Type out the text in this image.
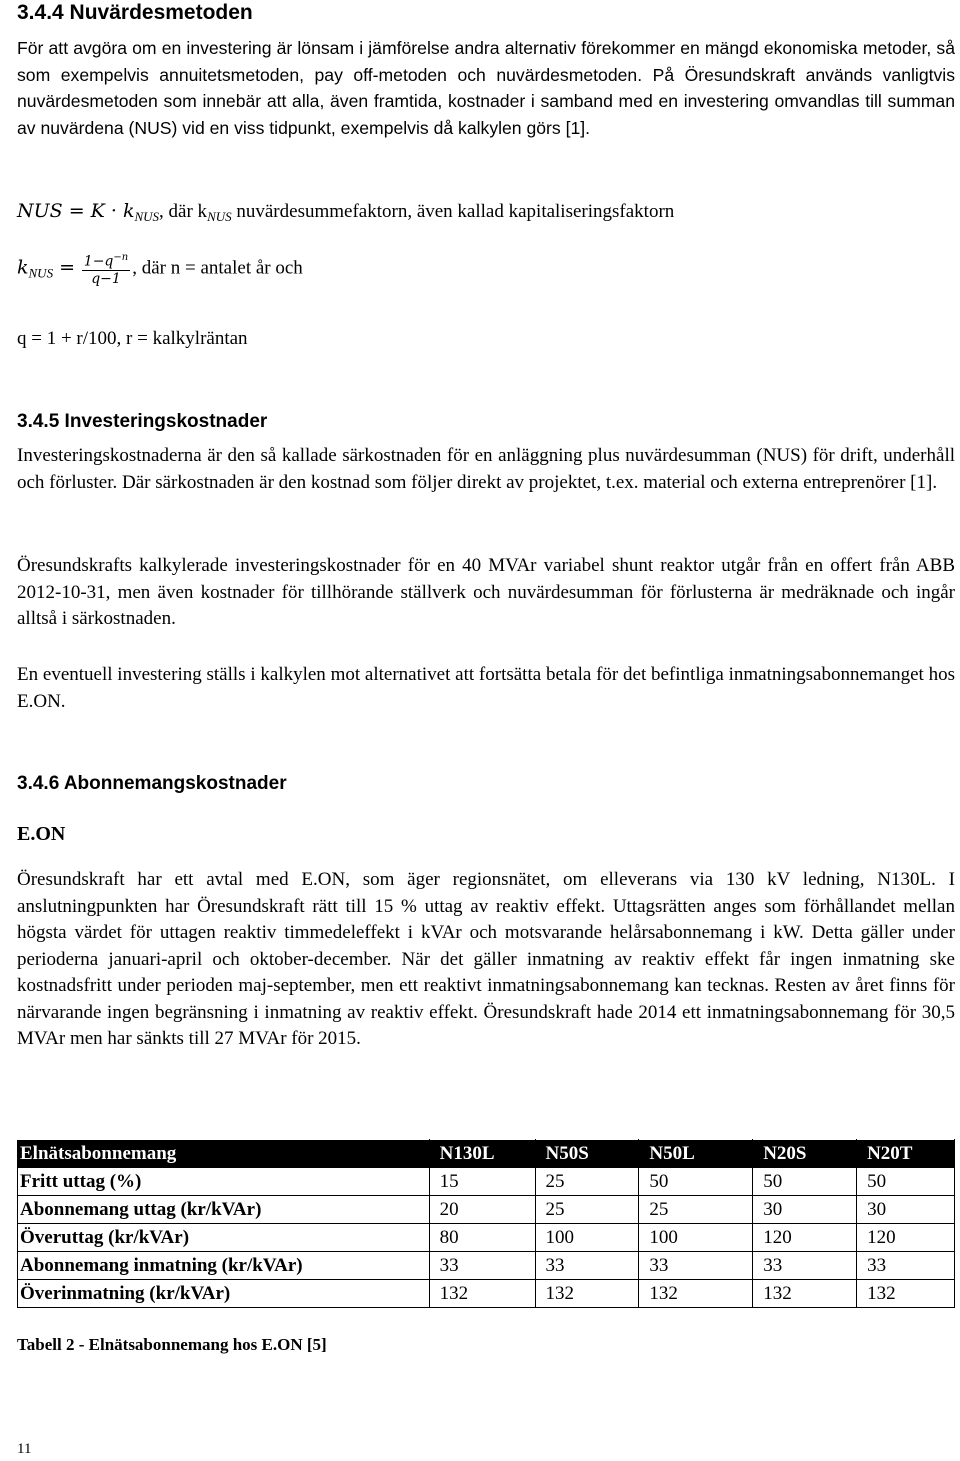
3.4.4 Nuvärdesmetoden

För att avgöra om en investering är lönsam i jämförelse andra alternativ förekommer en mängd ekonomiska metoder, så som exempelvis annuitetsmetoden, pay off-metoden och nuvärdesmetoden. På Öresundskraft används vanligtvis nuvärdesmetoden som innebär att alla, även framtida, kostnader i samband med en investering omvandlas till summan av nuvärdena (NUS) vid en viss tidpunkt, exempelvis då kalkylen görs [1].

NUS = $K \cdot k_{NUS}$, där $k_{NUS}$ nuvärdesummefaktorn, även kallad kapitaliseringsfaktorn
$k_{NUS} = \frac{1-q^{-n}}{q-1}$ , där n = antalet år och
q = 1 + r/100, r = kalkylräntan
3.4.5 Investeringskostnader

Investeringskostnaderna är den så kallade särkostnaden för en anläggning plus nuvärdesumman (NUS) för drift, underhåll och förluster. Där särkostnaden är den kostnad som följer direkt av projektet, t.ex. material och externa entreprenörer [1].

Öresundskrafts kalkylerade investeringskostnader för en 40 MVAr variabel shunt reaktor utgår från en offert från ABB 2012-10-31, men även kostnader för tillhörande ställverk och nuvärdesumman för förlusterna är medräknade och ingår alltså i särkostnaden.

En eventuell investering ställs i kalkylen mot alternativet att fortsätta betala för det befintliga inmatningsabonnemanget hos E.ON.

3.4.6 Abonnemangskostnader
E.ON

Öresundskraft har ett avtal med E.ON, som äger regionsnätet, om elleverans via 130 kV ledning, N130L. I anslutningpunkten har Öresundskraft rätt till 15 % uttag av reaktiv effekt. Uttagsrätten anges som förhållandet mellan högsta värdet för uttagen reaktiv timmedeleffekt i kVAr och motsvarande helårsabonnemang i kW. Detta gäller under perioderna januari-april och oktober-december. När det gäller inmatning av reaktiv effekt får ingen inmatning ske kostnadsfritt under perioden maj-september, men ett reaktivt inmatningsabonnemang kan tecknas. Resten av året finns för närvarande ingen begränsning i inmatning av reaktiv effekt. Öresundskraft hade 2014 ett inmatningsabonnemang för 30,5 MVAr men har sänkts till 27 MVAr för 2015.

Elnätsabonnemang	N130L	N50S	N50L	N20S	N20T
Fritt uttag (%)	15	25	50	50	50
Abonnemang uttag (kr/kVAr)	20	25	25	30	30
Överuttag (kr/kVAr)	80	100	100	120	120
Abonnemang inmatning (kr/kVAr)	33	33	33	33	33
Överinmatning (kr/kVAr)	132	132	132	132	132
Tabell 2 - Elnätsabonnemang hos E.ON [5]
11
